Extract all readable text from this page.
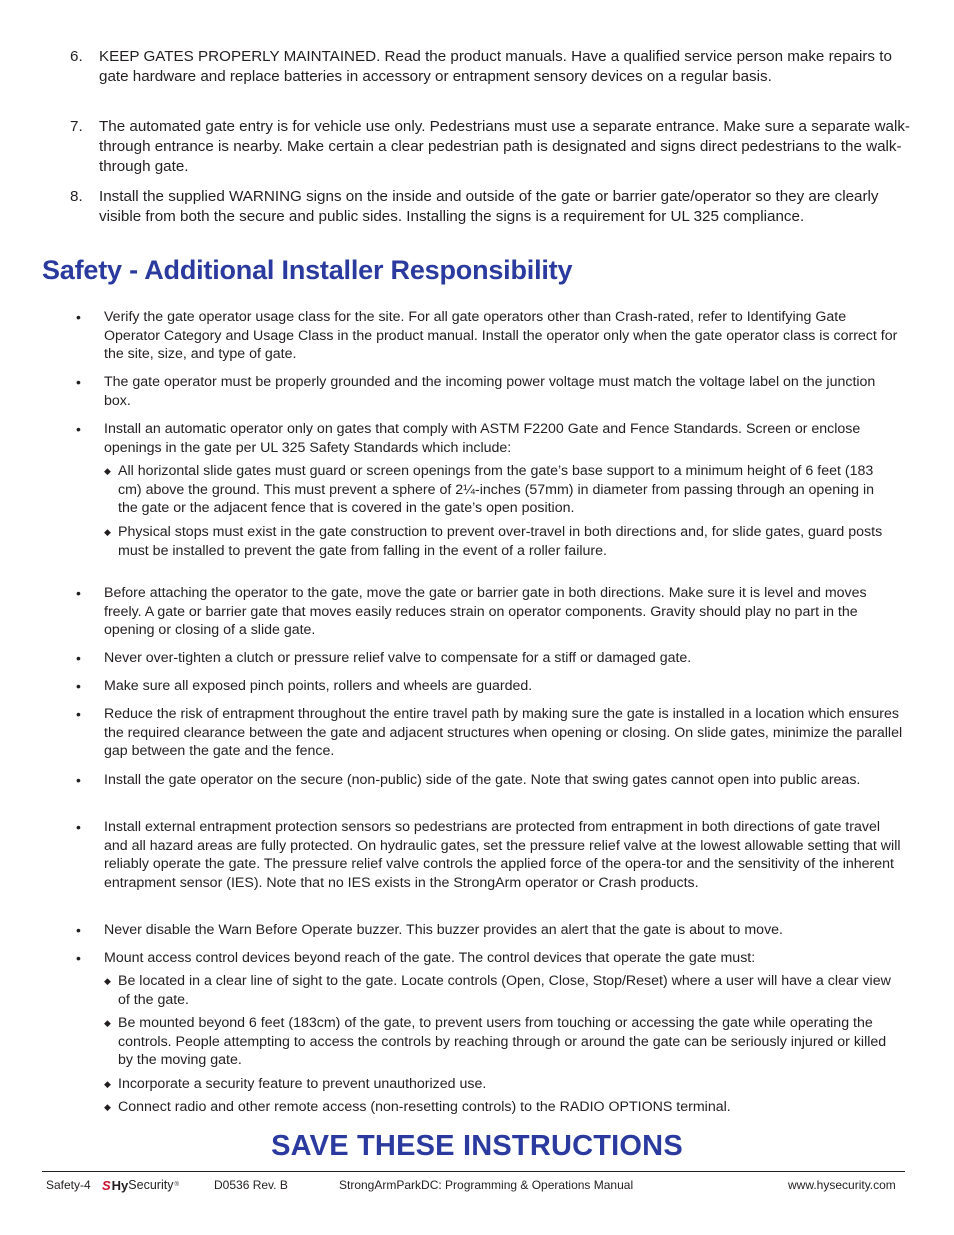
6. KEEP GATES PROPERLY MAINTAINED. Read the product manuals. Have a qualified service person make repairs to gate hardware and replace batteries in accessory or entrapment sensory devices on a regular basis.
7. The automated gate entry is for vehicle use only. Pedestrians must use a separate entrance. Make sure a separate walk-through entrance is nearby. Make certain a clear pedestrian path is designated and signs direct pedestrians to the walk-through gate.
8. Install the supplied WARNING signs on the inside and outside of the gate or barrier gate/operator so they are clearly visible from both the secure and public sides. Installing the signs is a requirement for UL 325 compliance.
Safety - Additional Installer Responsibility
• Verify the gate operator usage class for the site. For all gate operators other than Crash-rated, refer to Identifying Gate Operator Category and Usage Class in the product manual. Install the operator only when the gate operator class is correct for the site, size, and type of gate.
• The gate operator must be properly grounded and the incoming power voltage must match the voltage label on the junction box.
• Install an automatic operator only on gates that comply with ASTM F2200 Gate and Fence Standards. Screen or enclose openings in the gate per UL 325 Safety Standards which include:
◆ All horizontal slide gates must guard or screen openings from the gate’s base support to a minimum height of 6 feet (183 cm) above the ground. This must prevent a sphere of 2¼-inches (57mm) in diameter from passing through an opening in the gate or the adjacent fence that is covered in the gate’s open position.
◆ Physical stops must exist in the gate construction to prevent over-travel in both directions and, for slide gates, guard posts must be installed to prevent the gate from falling in the event of a roller failure.
• Before attaching the operator to the gate, move the gate or barrier gate in both directions. Make sure it is level and moves freely. A gate or barrier gate that moves easily reduces strain on operator components. Gravity should play no part in the opening or closing of a slide gate.
• Never over-tighten a clutch or pressure relief valve to compensate for a stiff or damaged gate.
• Make sure all exposed pinch points, rollers and wheels are guarded.
• Reduce the risk of entrapment throughout the entire travel path by making sure the gate is installed in a location which ensures the required clearance between the gate and adjacent structures when opening or closing. On slide gates, minimize the parallel gap between the gate and the fence.
• Install the gate operator on the secure (non-public) side of the gate. Note that swing gates cannot open into public areas.
• Install external entrapment protection sensors so pedestrians are protected from entrapment in both directions of gate travel and all hazard areas are fully protected. On hydraulic gates, set the pressure relief valve at the lowest allowable setting that will reliably operate the gate. The pressure relief valve controls the applied force of the opera-tor and the sensitivity of the inherent entrapment sensor (IES). Note that no IES exists in the StrongArm operator or Crash products.
• Never disable the Warn Before Operate buzzer. This buzzer provides an alert that the gate is about to move.
• Mount access control devices beyond reach of the gate. The control devices that operate the gate must:
◆ Be located in a clear line of sight to the gate. Locate controls (Open, Close, Stop/Reset) where a user will have a clear view of the gate.
◆ Be mounted beyond 6 feet (183cm) of the gate, to prevent users from touching or accessing the gate while operating the controls. People attempting to access the controls by reaching through or around the gate can be seriously injured or killed by the moving gate.
◆ Incorporate a security feature to prevent unauthorized use.
◆ Connect radio and other remote access (non-resetting controls) to the RADIO OPTIONS terminal.
SAVE THESE INSTRUCTIONS
Safety-4 S Hy Security ®	D0536 Rev. B	StrongArmParkDC: Programming & Operations Manual	www.hysecurity.com
